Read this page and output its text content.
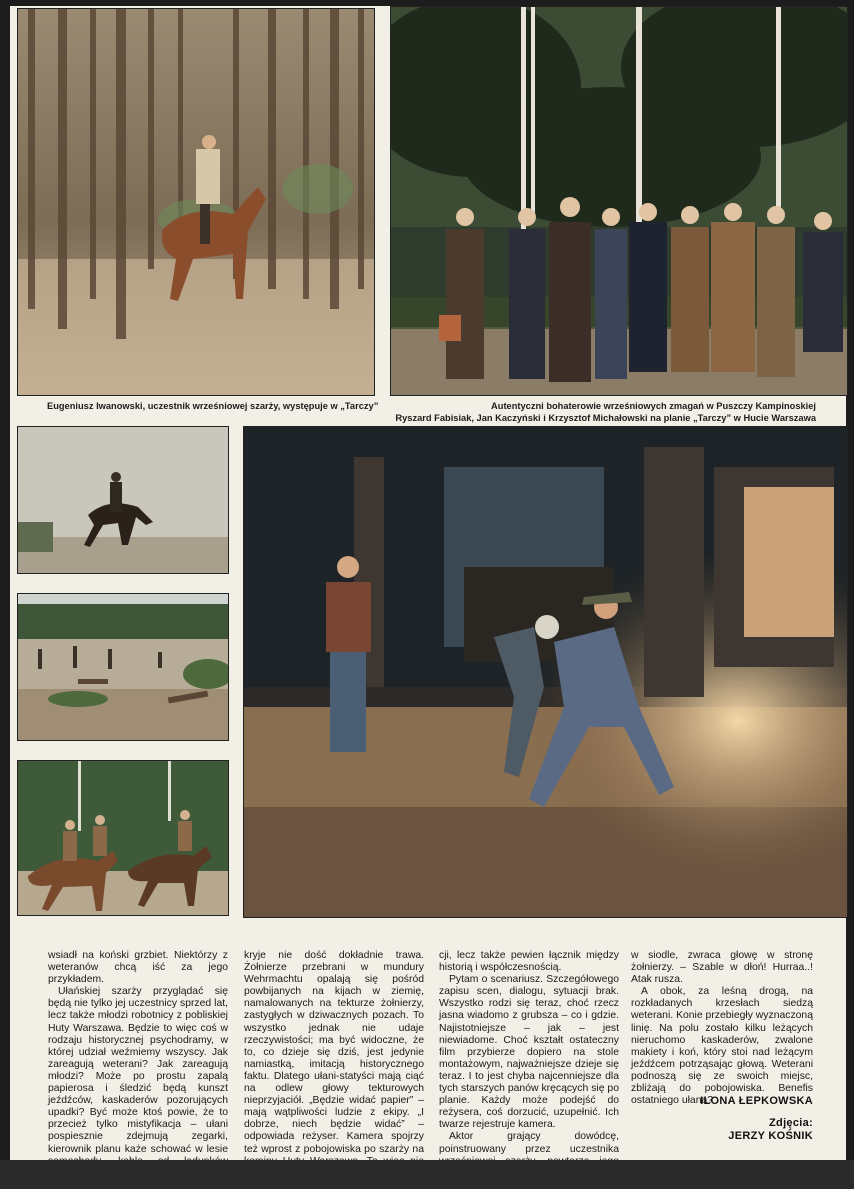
Eugeniusz Iwanowski, uczestnik wrześniowej szarży, występuje w „Tarczy”	Autentyczni bohaterowie wrześniowych zmagań w Puszczy Kampinoskiej
Ryszard Fabisiak, Jan Kaczyński i Krzysztof Michałowski na planie „Tarczy” w Hucie Warszawa

wsiadł na koński grzbiet. Niektórzy z weteranów chcą iść za jego przykładem.

Ułańskiej szarży przyglądać się będą nie tylko jej uczestnicy sprzed lat, lecz także młodzi robotnicy z pobliskiej Huty Warszawa. Będzie to więc coś w rodzaju historycznej psychodramy, w której udział weźmiemy wszyscy. Jak zareagują weterani? Jak zareagują młodzi? Może po prostu zapalą papierosa i śledzić będą kunszt jeźdźców, kaskaderów pozorujących upadki? Być może ktoś powie, że to przecież tylko mistyfikacja – ułani pospiesznie zdejmują zegarki, kierownik planu każe schować w lesie

kryje nie dość dokładnie trawa. Żołnierze przebrani w mundury Wehrmachtu opalają się pośród powbijanych na kijach w ziemię, namalowanych na tekturze żołnierzy, zastygłych w dziwacznych pozach. To wszystko jednak nie udaje rzeczywistości; ma być widoczne, że to, co dzieje się dziś, jest jedynie namiastką, imitacją historycznego faktu. Dlatego ułani-statyści mają ciąć na odlew głowy tekturowych nieprzyjaciół. „Będzie widać papier” – mają wątpliwości ludzie z ekipy. „I dobrze, niech będzie widać” – odpowiada reżyser. Kamera spojrzy też wprost z pobojowiska po szarży na

cji, lecz także pewien łącznik między historią i współczesnością.

Pytam o scenariusz. Szczegółowego zapisu scen, dialogu, sytuacji brak. Wszystko rodzi się teraz, choć rzecz jasna wiadomo z grubsza – co i gdzie. Najistotniejsze – jak – jest niewiadome. Choć kształt ostateczny film przybierze dopiero na stole montażowym, najważniejsze dzieje się teraz. I to jest chyba najcenniejsze dla tych starszych panów kręcących się po planie. Każdy może podejść do reżysera, coś dorzucić, uzupełnić. Ich twarze rejestruje kamera.

Aktor grający dowódcę, poinstruowany przez uczestnika

w siodle, zwraca głowę w stronę żołnierzy. – Szable w dłoń! Hurraa..! Atak rusza.

A obok, za leśną drogą, na rozkładanych krzesłach siedzą weterani. Konie przebiegły wyznaczoną linię. Na polu zostało kilku leżących nieruchomo kaskaderów, zwalone makiety i koń, który stoi nad leżącym jeźdźcem potrząsając głową. Weterani podnoszą się ze swoich miejsc, zbliżają do pobojowiska. Benefis ostatniego ułana?

ILONA ŁEPKOWSKA
Zdjęcia:
JERZY KOŚNIK
